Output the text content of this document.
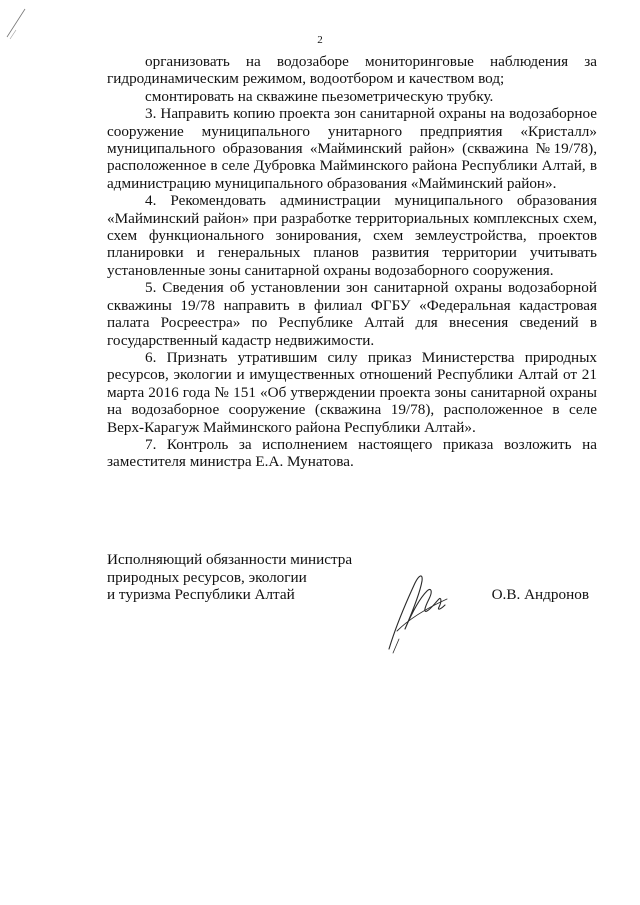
2

организовать на водозаборе мониторинговые наблюдения за гидродинамическим режимом, водоотбором и качеством вод;

смонтировать на скважине пьезометрическую трубку.

3. Направить копию проекта зон санитарной охраны на водозаборное сооружение муниципального унитарного предприятия «Кристалл» муниципального образования «Майминский район» (скважина №19/78), расположенное в селе Дубровка Майминского района Республики Алтай, в администрацию муниципального образования «Майминский район».

4. Рекомендовать администрации муниципального образования «Майминский район» при разработке территориальных комплексных схем, схем функционального зонирования, схем землеустройства, проектов планировки и генеральных планов развития территории учитывать установленные зоны санитарной охраны водозаборного сооружения.

5. Сведения об установлении зон санитарной охраны водозаборной скважины 19/78 направить в филиал ФГБУ «Федеральная кадастровая палата Росреестра» по Республике Алтай для внесения сведений в государственный кадастр недвижимости.

6. Признать утратившим силу приказ Министерства природных ресурсов, экологии и имущественных отношений Республики Алтай от 21 марта 2016 года № 151 «Об утверждении проекта зоны санитарной охраны на водозаборное сооружение (скважина 19/78), расположенное в селе Верх-Карагуж Майминского района Республики Алтай».

7. Контроль за исполнением настоящего приказа возложить на заместителя министра Е.А. Мунатова.

Исполняющий обязанности министра
природных ресурсов, экологии
и туризма Республики Алтай	О.В. Андронов
